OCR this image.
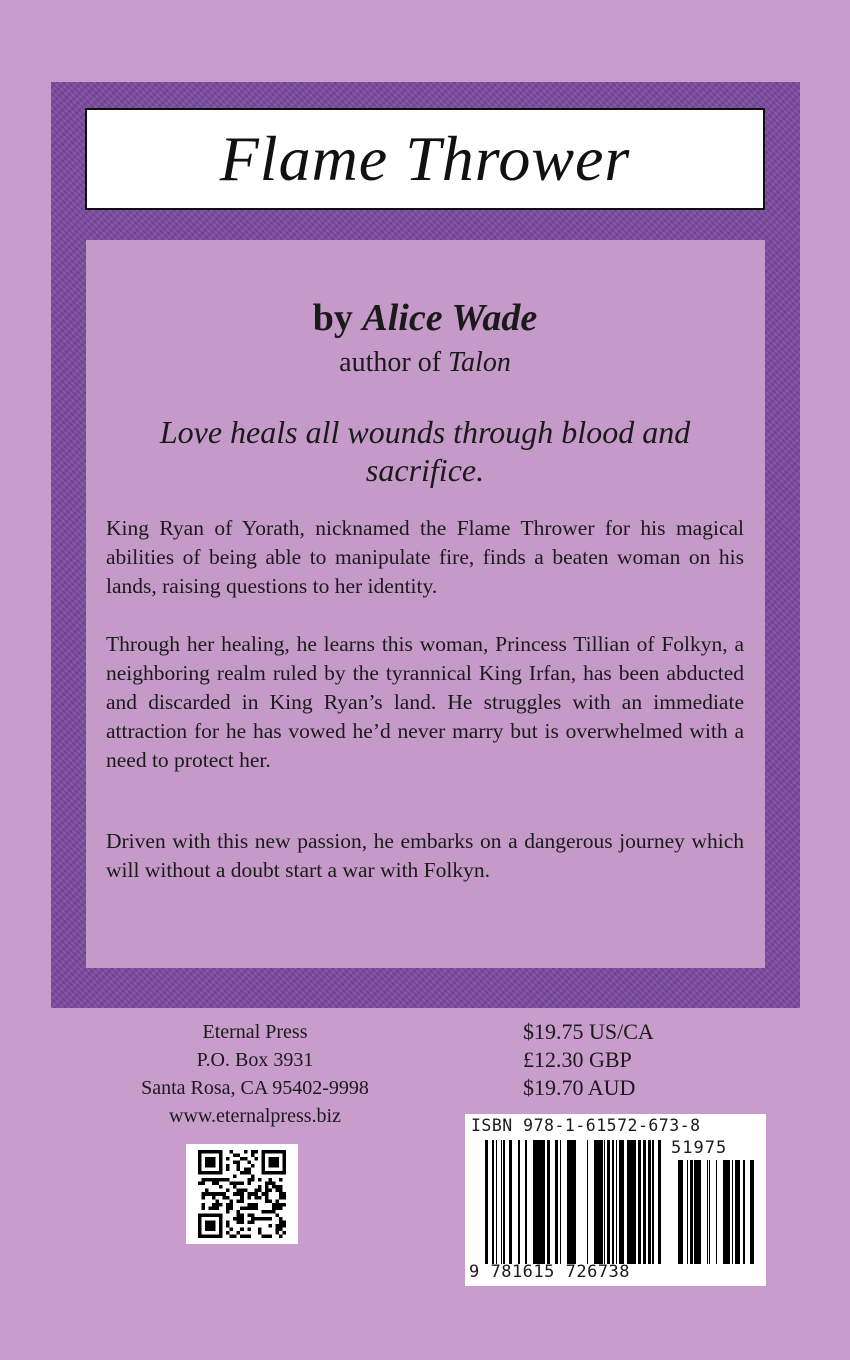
Flame Thrower
by Alice Wade
author of Talon
Love heals all wounds through blood and sacrifice.

King Ryan of Yorath, nicknamed the Flame Thrower for his magical abilities of being able to manipulate fire, finds a beaten woman on his lands, raising questions to her identity.

Through her healing, he learns this woman, Princess Tillian of Folkyn, a neighboring realm ruled by the tyrannical King Irfan, has been abducted and discarded in King Ryan’s land. He struggles with an immediate attraction for he has vowed he’d never marry but is overwhelmed with a need to protect her.

Driven with this new passion, he embarks on a dangerous journey which will without a doubt start a war with Folkyn.

Eternal Press
P.O. Box 3931
Santa Rosa, CA 95402-9998
www.eternalpress.biz
$19.75 US/CA
£12.30 GBP
$19.70 AUD
ISBN 978-1-61572-673-8
51975
9 781615 726738
